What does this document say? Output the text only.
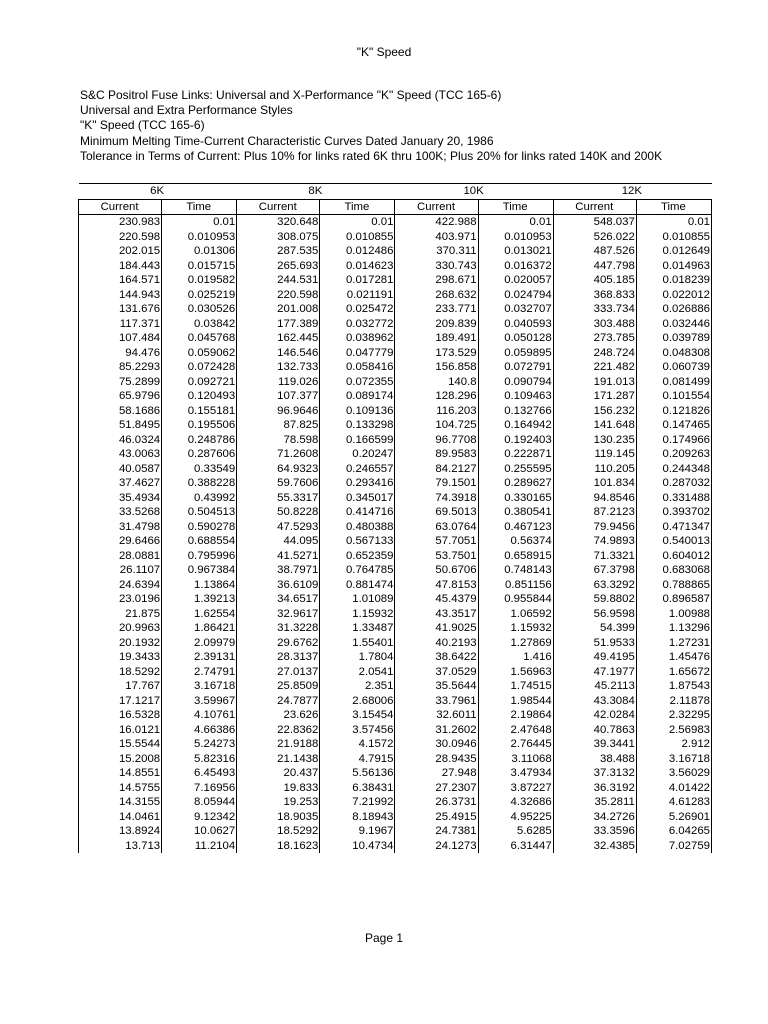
"K" Speed
S&C Positrol Fuse Links: Universal and X-Performance "K" Speed (TCC 165-6)
Universal and Extra Performance Styles
"K" Speed (TCC 165-6)
Minimum Melting Time-Current Characteristic Curves Dated January 20, 1986
Tolerance in Terms of Current: Plus 10% for links rated 6K thru 100K; Plus 20% for links rated 140K and 200K
6K		8K		10K		12K	
Current	Time	Current	Time	Current	Time	Current	Time
230.983	0.01	320.648	0.01	422.988	0.01	548.037	0.01
220.598	0.010953	308.075	0.010855	403.971	0.010953	526.022	0.010855
202.015	0.01306	287.535	0.012486	370.311	0.013021	487.526	0.012649
184.443	0.015715	265.693	0.014623	330.743	0.016372	447.798	0.014963
164.571	0.019582	244.531	0.017281	298.671	0.020057	405.185	0.018239
144.943	0.025219	220.598	0.021191	268.632	0.024794	368.833	0.022012
131.676	0.030526	201.008	0.025472	233.771	0.032707	333.734	0.026886
117.371	0.03842	177.389	0.032772	209.839	0.040593	303.488	0.032446
107.484	0.045768	162.445	0.038962	189.491	0.050128	273.785	0.039789
94.476	0.059062	146.546	0.047779	173.529	0.059895	248.724	0.048308
85.2293	0.072428	132.733	0.058416	156.858	0.072791	221.482	0.060739
75.2899	0.092721	119.026	0.072355	140.8	0.090794	191.013	0.081499
65.9796	0.120493	107.377	0.089174	128.296	0.109463	171.287	0.101554
58.1686	0.155181	96.9646	0.109136	116.203	0.132766	156.232	0.121826
51.8495	0.195506	87.825	0.133298	104.725	0.164942	141.648	0.147465
46.0324	0.248786	78.598	0.166599	96.7708	0.192403	130.235	0.174966
43.0063	0.287606	71.2608	0.20247	89.9583	0.222871	119.145	0.209263
40.0587	0.33549	64.9323	0.246557	84.2127	0.255595	110.205	0.244348
37.4627	0.388228	59.7606	0.293416	79.1501	0.289627	101.834	0.287032
35.4934	0.43992	55.3317	0.345017	74.3918	0.330165	94.8546	0.331488
33.5268	0.504513	50.8228	0.414716	69.5013	0.380541	87.2123	0.393702
31.4798	0.590278	47.5293	0.480388	63.0764	0.467123	79.9456	0.471347
29.6466	0.688554	44.095	0.567133	57.7051	0.56374	74.9893	0.540013
28.0881	0.795996	41.5271	0.652359	53.7501	0.658915	71.3321	0.604012
26.1107	0.967384	38.7971	0.764785	50.6706	0.748143	67.3798	0.683068
24.6394	1.13864	36.6109	0.881474	47.8153	0.851156	63.3292	0.788865
23.0196	1.39213	34.6517	1.01089	45.4379	0.955844	59.8802	0.896587
21.875	1.62554	32.9617	1.15932	43.3517	1.06592	56.9598	1.00988
20.9963	1.86421	31.3228	1.33487	41.9025	1.15932	54.399	1.13296
20.1932	2.09979	29.6762	1.55401	40.2193	1.27869	51.9533	1.27231
19.3433	2.39131	28.3137	1.7804	38.6422	1.416	49.4195	1.45476
18.5292	2.74791	27.0137	2.0541	37.0529	1.56963	47.1977	1.65672
17.767	3.16718	25.8509	2.351	35.5644	1.74515	45.2113	1.87543
17.1217	3.59967	24.7877	2.68006	33.7961	1.98544	43.3084	2.11878
16.5328	4.10761	23.626	3.15454	32.6011	2.19864	42.0284	2.32295
16.0121	4.66386	22.8362	3.57456	31.2602	2.47648	40.7863	2.56983
15.5544	5.24273	21.9188	4.1572	30.0946	2.76445	39.3441	2.912
15.2008	5.82316	21.1438	4.7915	28.9435	3.11068	38.488	3.16718
14.8551	6.45493	20.437	5.56136	27.948	3.47934	37.3132	3.56029
14.5755	7.16956	19.833	6.38431	27.2307	3.87227	36.3192	4.01422
14.3155	8.05944	19.253	7.21992	26.3731	4.32686	35.2811	4.61283
14.0461	9.12342	18.9035	8.18943	25.4915	4.95225	34.2726	5.26901
13.8924	10.0627	18.5292	9.1967	24.7381	5.6285	33.3596	6.04265
13.713	11.2104	18.1623	10.4734	24.1273	6.31447	32.4385	7.02759
Page 1
